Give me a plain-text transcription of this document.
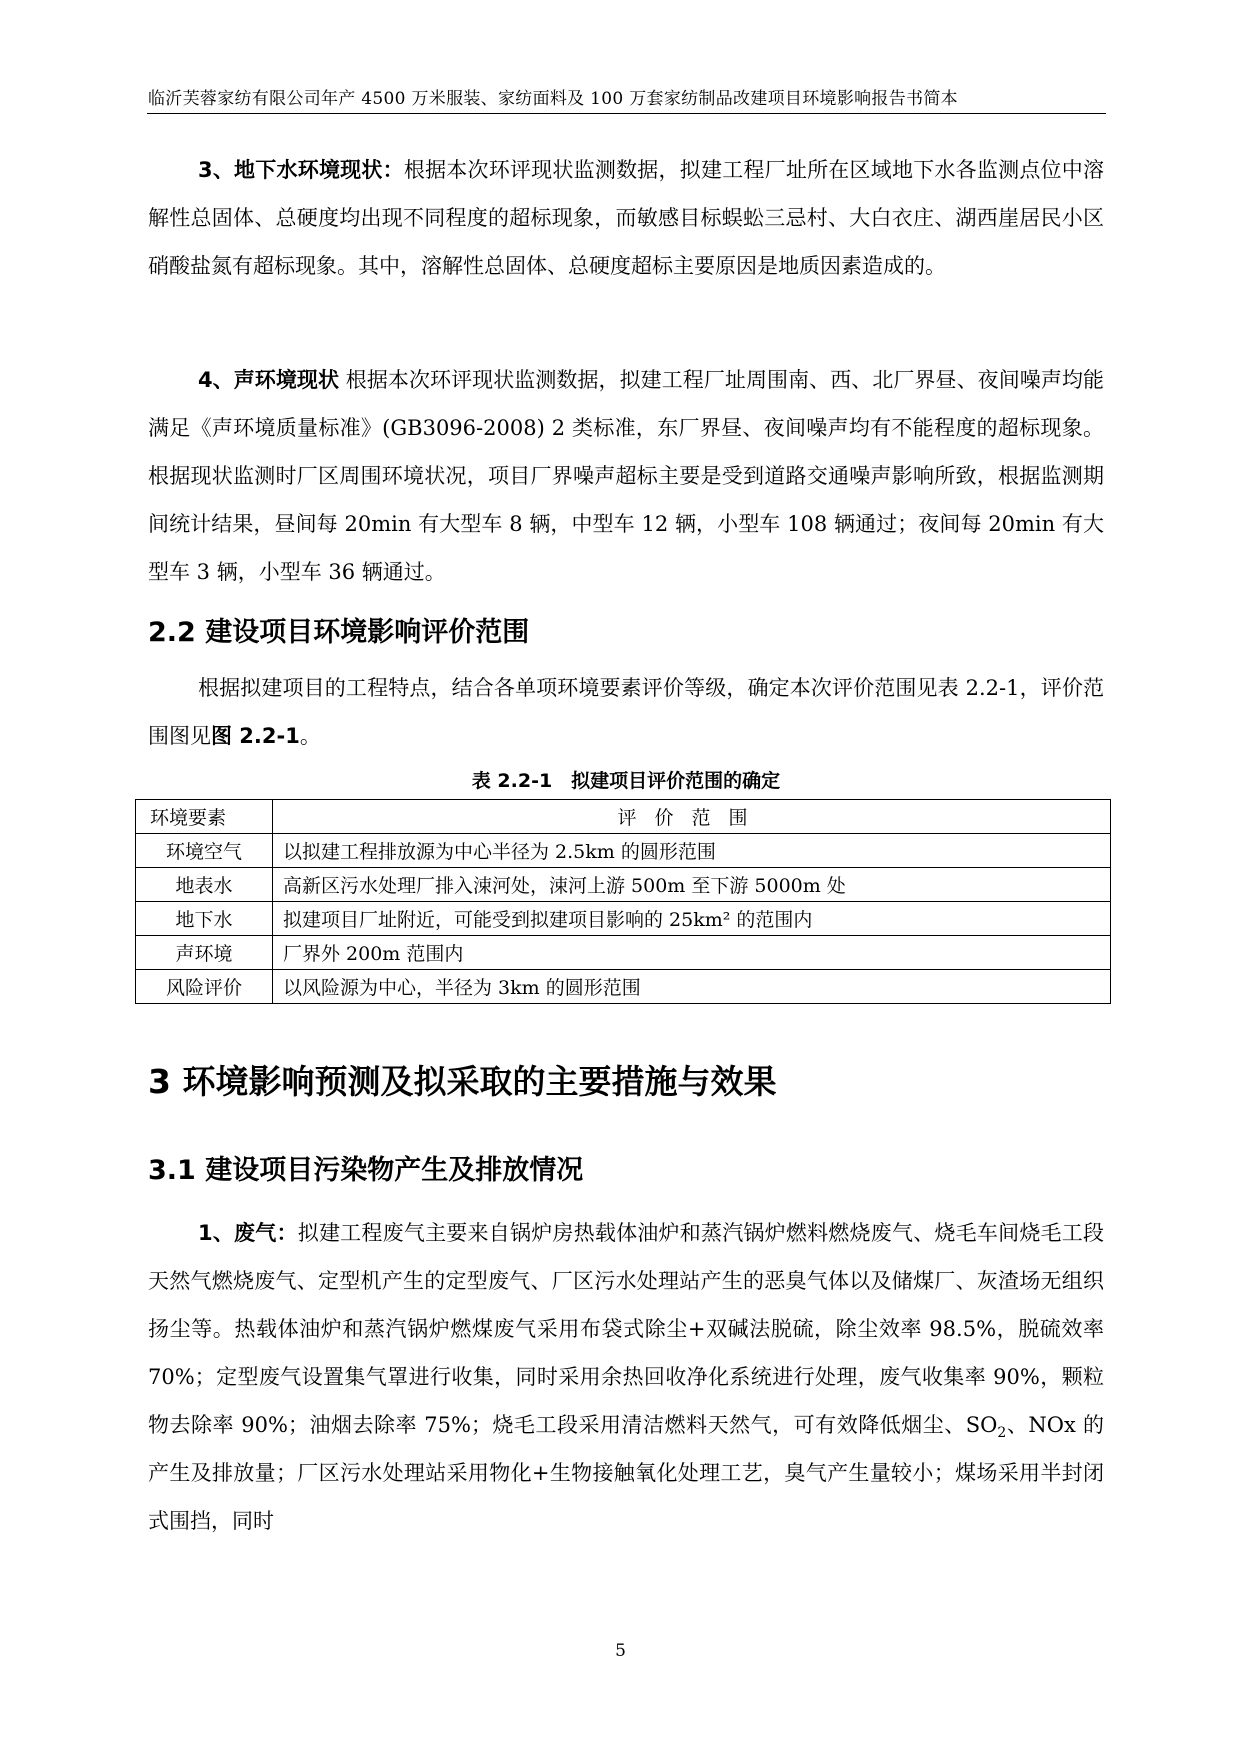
临沂芙蓉家纺有限公司年产 4500 万米服装、家纺面料及 100 万套家纺制品改建项目环境影响报告书简本

3、地下水环境现状：根据本次环评现状监测数据，拟建工程厂址所在区域地下水各监测点位中溶解性总固体、总硬度均出现不同程度的超标现象，而敏感目标蜈蚣三忌村、大白衣庄、湖西崖居民小区硝酸盐氮有超标现象。其中，溶解性总固体、总硬度超标主要原因是地质因素造成的。

4、声环境现状 根据本次环评现状监测数据，拟建工程厂址周围南、西、北厂界昼、夜间噪声均能满足《声环境质量标准》(GB3096-2008) 2 类标准，东厂界昼、夜间噪声均有不能程度的超标现象。根据现状监测时厂区周围环境状况，项目厂界噪声超标主要是受到道路交通噪声影响所致，根据监测期间统计结果，昼间每 20min 有大型车 8 辆，中型车 12 辆，小型车 108 辆通过；夜间每 20min 有大型车 3 辆，小型车 36 辆通过。

2.2 建设项目环境影响评价范围

根据拟建项目的工程特点，结合各单项环境要素评价等级，确定本次评价范围见表 2.2-1，评价范围图见图 2.2-1。

表 2.2-1　拟建项目评价范围的确定
环境要素	评价范围
环境空气	以拟建工程排放源为中心半径为 2.5km 的圆形范围
地表水	高新区污水处理厂排入涑河处，涑河上游 500m 至下游 5000m 处
地下水	拟建项目厂址附近，可能受到拟建项目影响的 25km² 的范围内
声环境	厂界外 200m 范围内
风险评价	以风险源为中心，半径为 3km 的圆形范围
3 环境影响预测及拟采取的主要措施与效果
3.1 建设项目污染物产生及排放情况

1、废气：拟建工程废气主要来自锅炉房热载体油炉和蒸汽锅炉燃料燃烧废气、烧毛车间烧毛工段天然气燃烧废气、定型机产生的定型废气、厂区污水处理站产生的恶臭气体以及储煤厂、灰渣场无组织扬尘等。热载体油炉和蒸汽锅炉燃煤废气采用布袋式除尘+双碱法脱硫，除尘效率 98.5%，脱硫效率 70%；定型废气设置集气罩进行收集，同时采用余热回收净化系统进行处理，废气收集率 90%，颗粒物去除率 90%；油烟去除率 75%；烧毛工段采用清洁燃料天然气，可有效降低烟尘、$SO_2$、NOx 的产生及排放量；厂区污水处理站采用物化+生物接触氧化处理工艺，臭气产生量较小；煤场采用半封闭式围挡，同时

5
